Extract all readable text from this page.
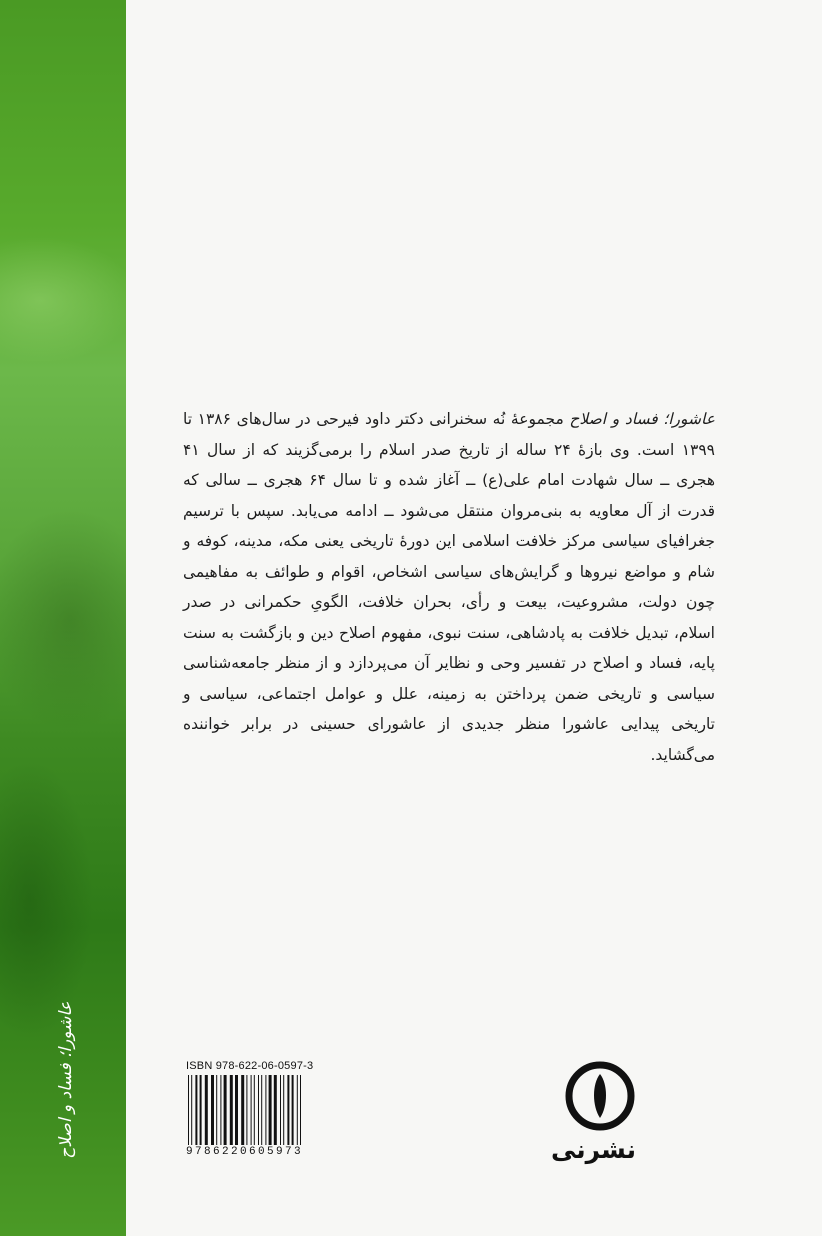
عاشورا؛ فساد و اصلاح
عاشورا؛ فساد و اصلاح مجموعهٔ نُه سخنرانی دکتر داود فیرحی در سال‌های ۱۳۸۶ تا ۱۳۹۹ است. وی بازهٔ ۲۴ ساله از تاریخ صدر اسلام را برمی‌گزیند که از سال ۴۱ هجری ــ سال شهادت امام علی(ع) ــ آغاز شده و تا سال ۶۴ هجری ــ سالی که قدرت از آل معاویه به بنی‌مروان منتقل می‌شود ــ ادامه می‌یابد. سپس با ترسیم جغرافیای سیاسی مرکز خلافت اسلامی این دورهٔ تاریخی یعنی مکه، مدینه، کوفه و شام و مواضع نیروها و گرایش‌های سیاسی اشخاص، اقوام و طوائف به مفاهیمی چون دولت، مشروعیت، بیعت و رأی، بحران خلافت، الگویِ حکمرانی در صدر اسلام، تبدیل خلافت به پادشاهی، سنت نبوی، مفهوم اصلاح دین و بازگشت به سنت پایه، فساد و اصلاح در تفسیر وحی و نظایر آن می‌پردازد و از منظر جامعه‌شناسی سیاسی و تاریخی ضمن پرداختن به زمینه، علل و عوامل اجتماعی، سیاسی و تاریخی پیدایی عاشورا منظر جدیدی از عاشورای حسینی در برابر خواننده می‌گشاید.
ISBN 978-622-06-0597-3
9786220605973	نشرنی
